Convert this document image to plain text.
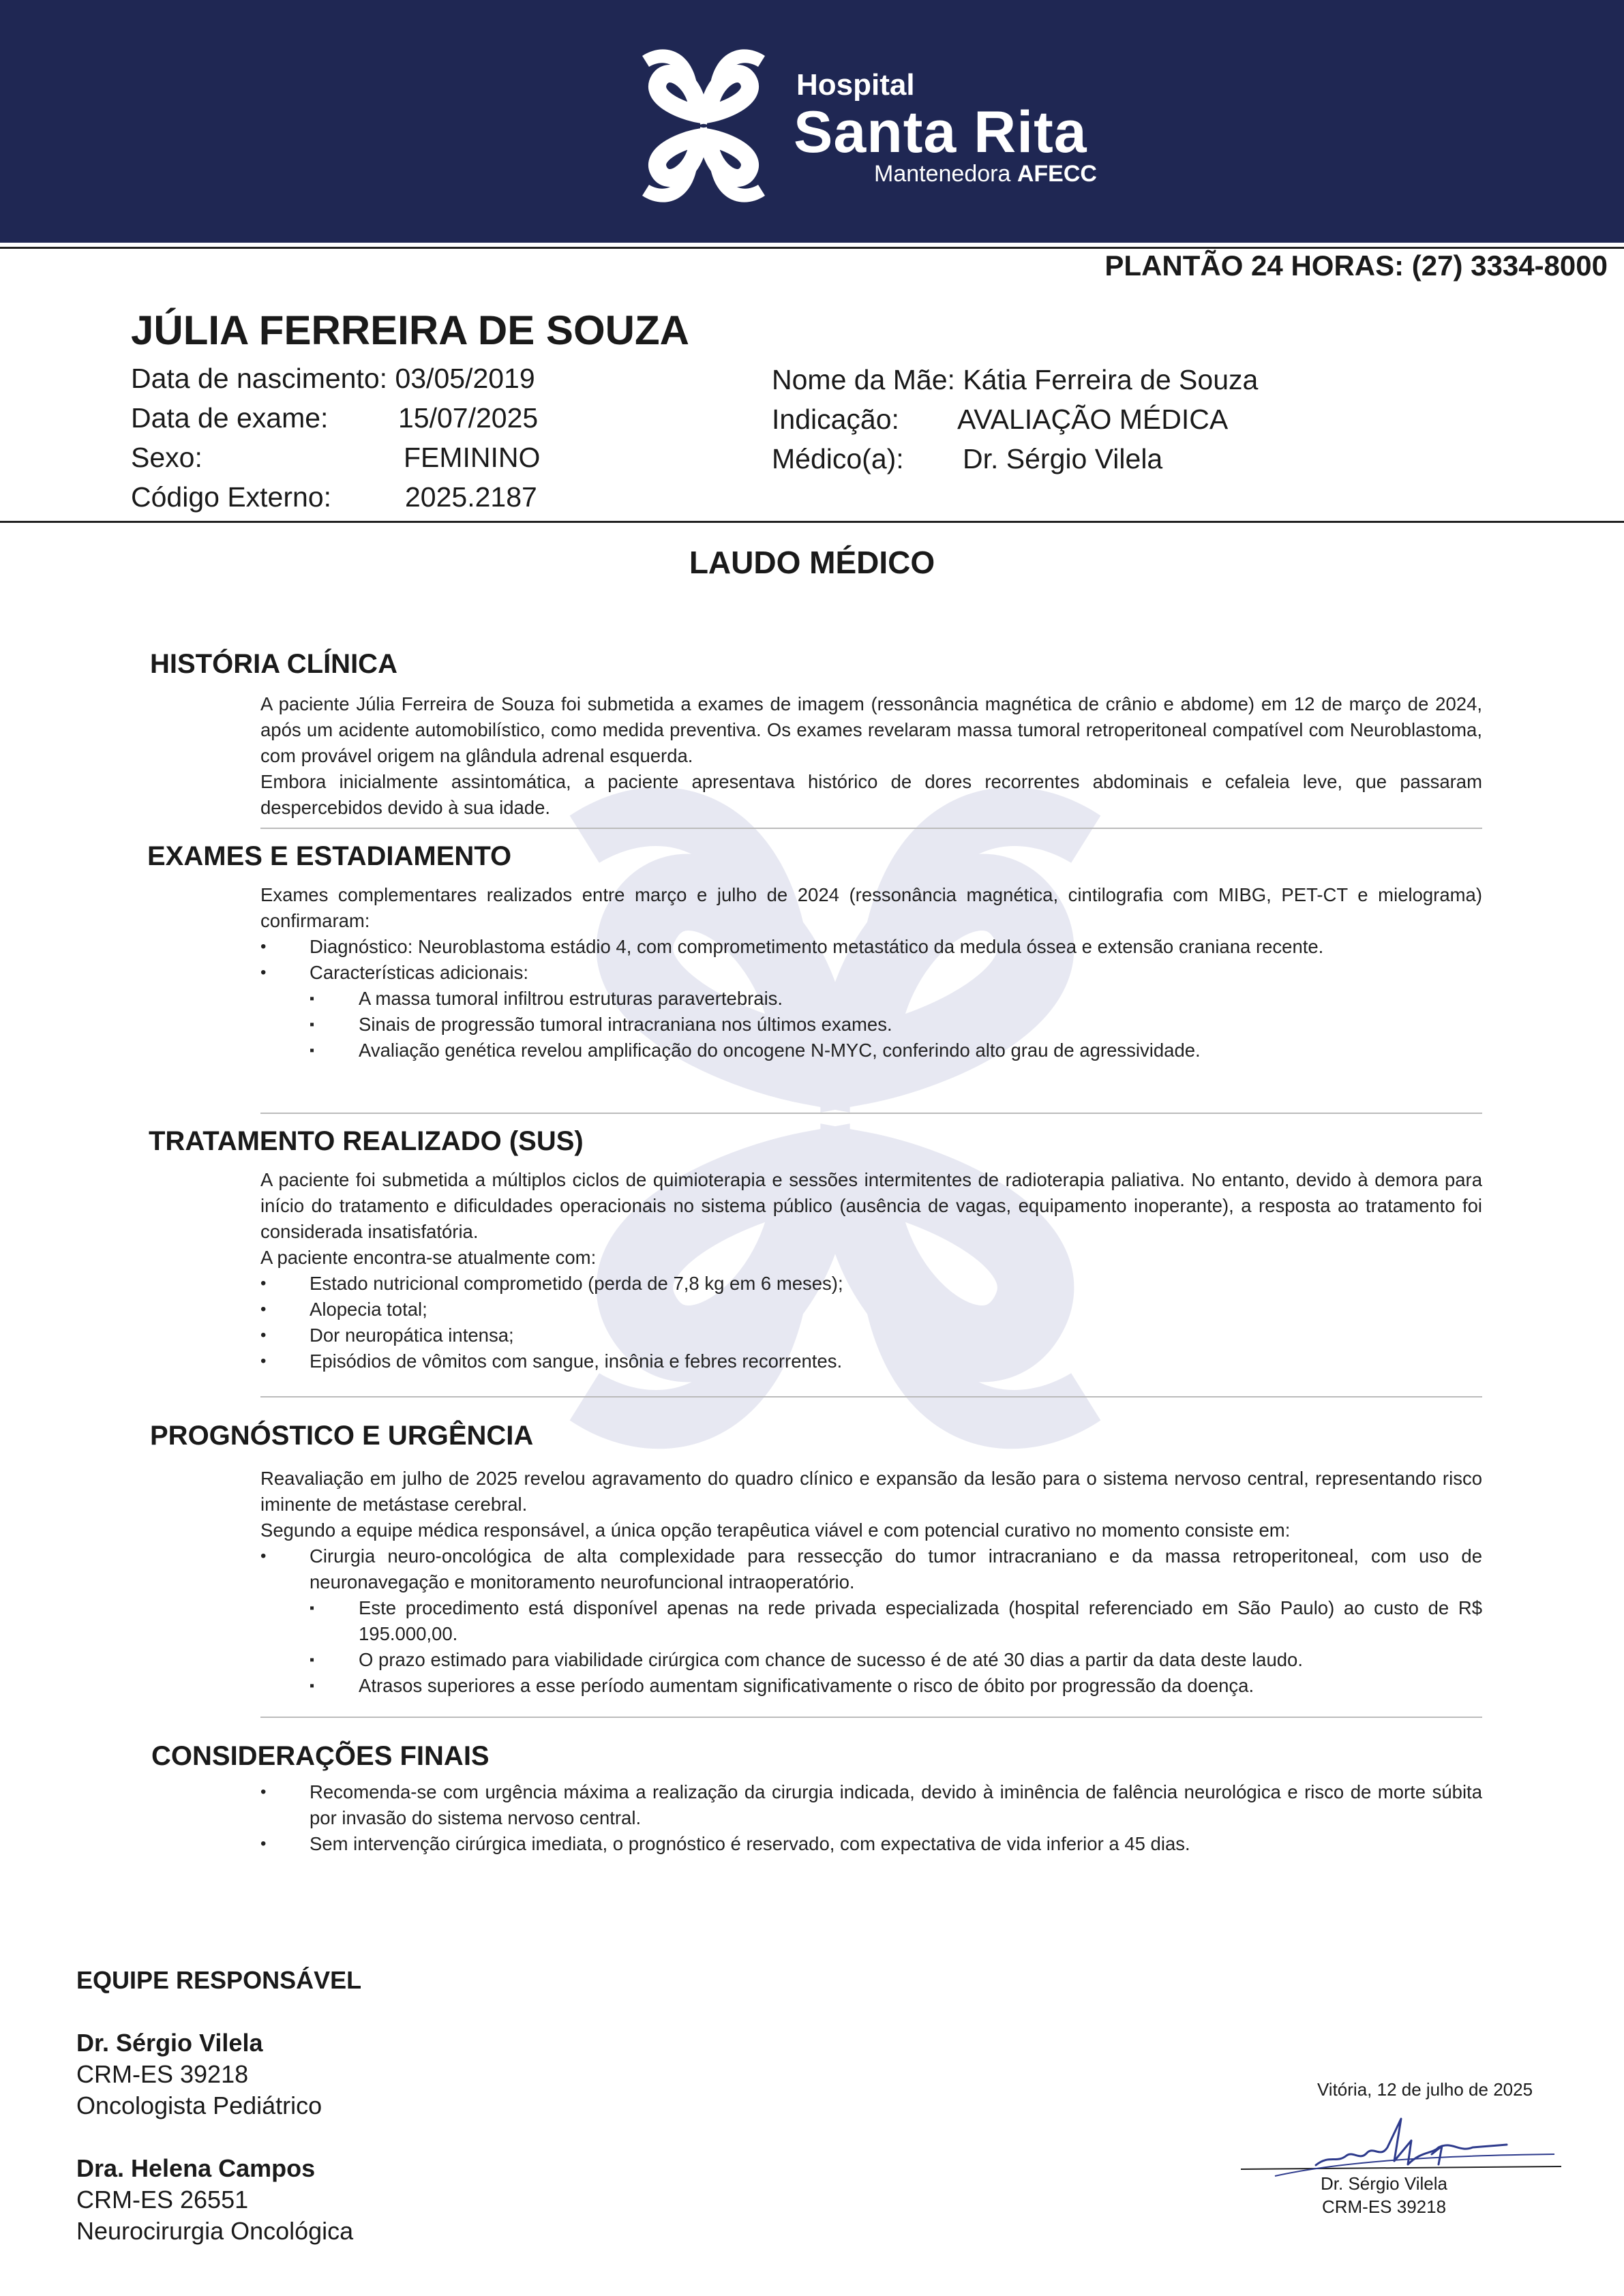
Hospital
Santa Rita
Mantenedora AFECC
PLANTÃO 24 HORAS: (27) 3334-8000
JÚLIA FERREIRA DE SOUZA
Data de nascimento: 03/05/2019
Data de exame:	15/07/2025
Sexo:	FEMININO
Código Externo:	2025.2187
Nome da Mãe: Kátia Ferreira de Souza
Indicação: AVALIAÇÃO MÉDICA
Médico(a): Dr. Sérgio Vilela
LAUDO MÉDICO
HISTÓRIA CLÍNICA

A paciente Júlia Ferreira de Souza foi submetida a exames de imagem (ressonância magnética de crânio e abdome) em 12 de março de 2024, após um acidente automobilístico, como medida preventiva. Os exames revelaram massa tumoral retroperitoneal compatível com Neuroblastoma, com provável origem na glândula adrenal esquerda.

Embora inicialmente assintomática, a paciente apresentava histórico de dores recorrentes abdominais e cefaleia leve, que passaram despercebidos devido à sua idade.

EXAMES E ESTADIAMENTO

Exames complementares realizados entre março e julho de 2024 (ressonância magnética, cintilografia com MIBG, PET-CT e mielograma) confirmaram:

• Diagnóstico: Neuroblastoma estádio 4, com comprometimento metastático da medula óssea e extensão craniana recente.
• Características adicionais:
▪ A massa tumoral infiltrou estruturas paravertebrais.
▪ Sinais de progressão tumoral intracraniana nos últimos exames.
▪ Avaliação genética revelou amplificação do oncogene N-MYC, conferindo alto grau de agressividade.
TRATAMENTO REALIZADO (SUS)

A paciente foi submetida a múltiplos ciclos de quimioterapia e sessões intermitentes de radioterapia paliativa. No entanto, devido à demora para início do tratamento e dificuldades operacionais no sistema público (ausência de vagas, equipamento inoperante), a resposta ao tratamento foi considerada insatisfatória.

A paciente encontra-se atualmente com:

• Estado nutricional comprometido (perda de 7,8 kg em 6 meses);
• Alopecia total;
• Dor neuropática intensa;
• Episódios de vômitos com sangue, insônia e febres recorrentes.
PROGNÓSTICO E URGÊNCIA

Reavaliação em julho de 2025 revelou agravamento do quadro clínico e expansão da lesão para o sistema nervoso central, representando risco iminente de metástase cerebral.

Segundo a equipe médica responsável, a única opção terapêutica viável e com potencial curativo no momento consiste em:

• Cirurgia neuro-oncológica de alta complexidade para ressecção do tumor intracraniano e da massa retroperitoneal, com uso de neuronavegação e monitoramento neurofuncional intraoperatório.
▪ Este procedimento está disponível apenas na rede privada especializada (hospital referenciado em São Paulo) ao custo de R$ 195.000,00.
▪ O prazo estimado para viabilidade cirúrgica com chance de sucesso é de até 30 dias a partir da data deste laudo.
▪ Atrasos superiores a esse período aumentam significativamente o risco de óbito por progressão da doença.
CONSIDERAÇÕES FINAIS
• Recomenda-se com urgência máxima a realização da cirurgia indicada, devido à iminência de falência neurológica e risco de morte súbita por invasão do sistema nervoso central.
• Sem intervenção cirúrgica imediata, o prognóstico é reservado, com expectativa de vida inferior a 45 dias.
EQUIPE RESPONSÁVEL
Dr. Sérgio Vilela
CRM-ES 39218
Oncologista Pediátrico
Dra. Helena Campos
CRM-ES 26551
Neurocirurgia Oncológica
Vitória, 12 de julho de 2025
Dr. Sérgio Vilela
CRM-ES 39218
